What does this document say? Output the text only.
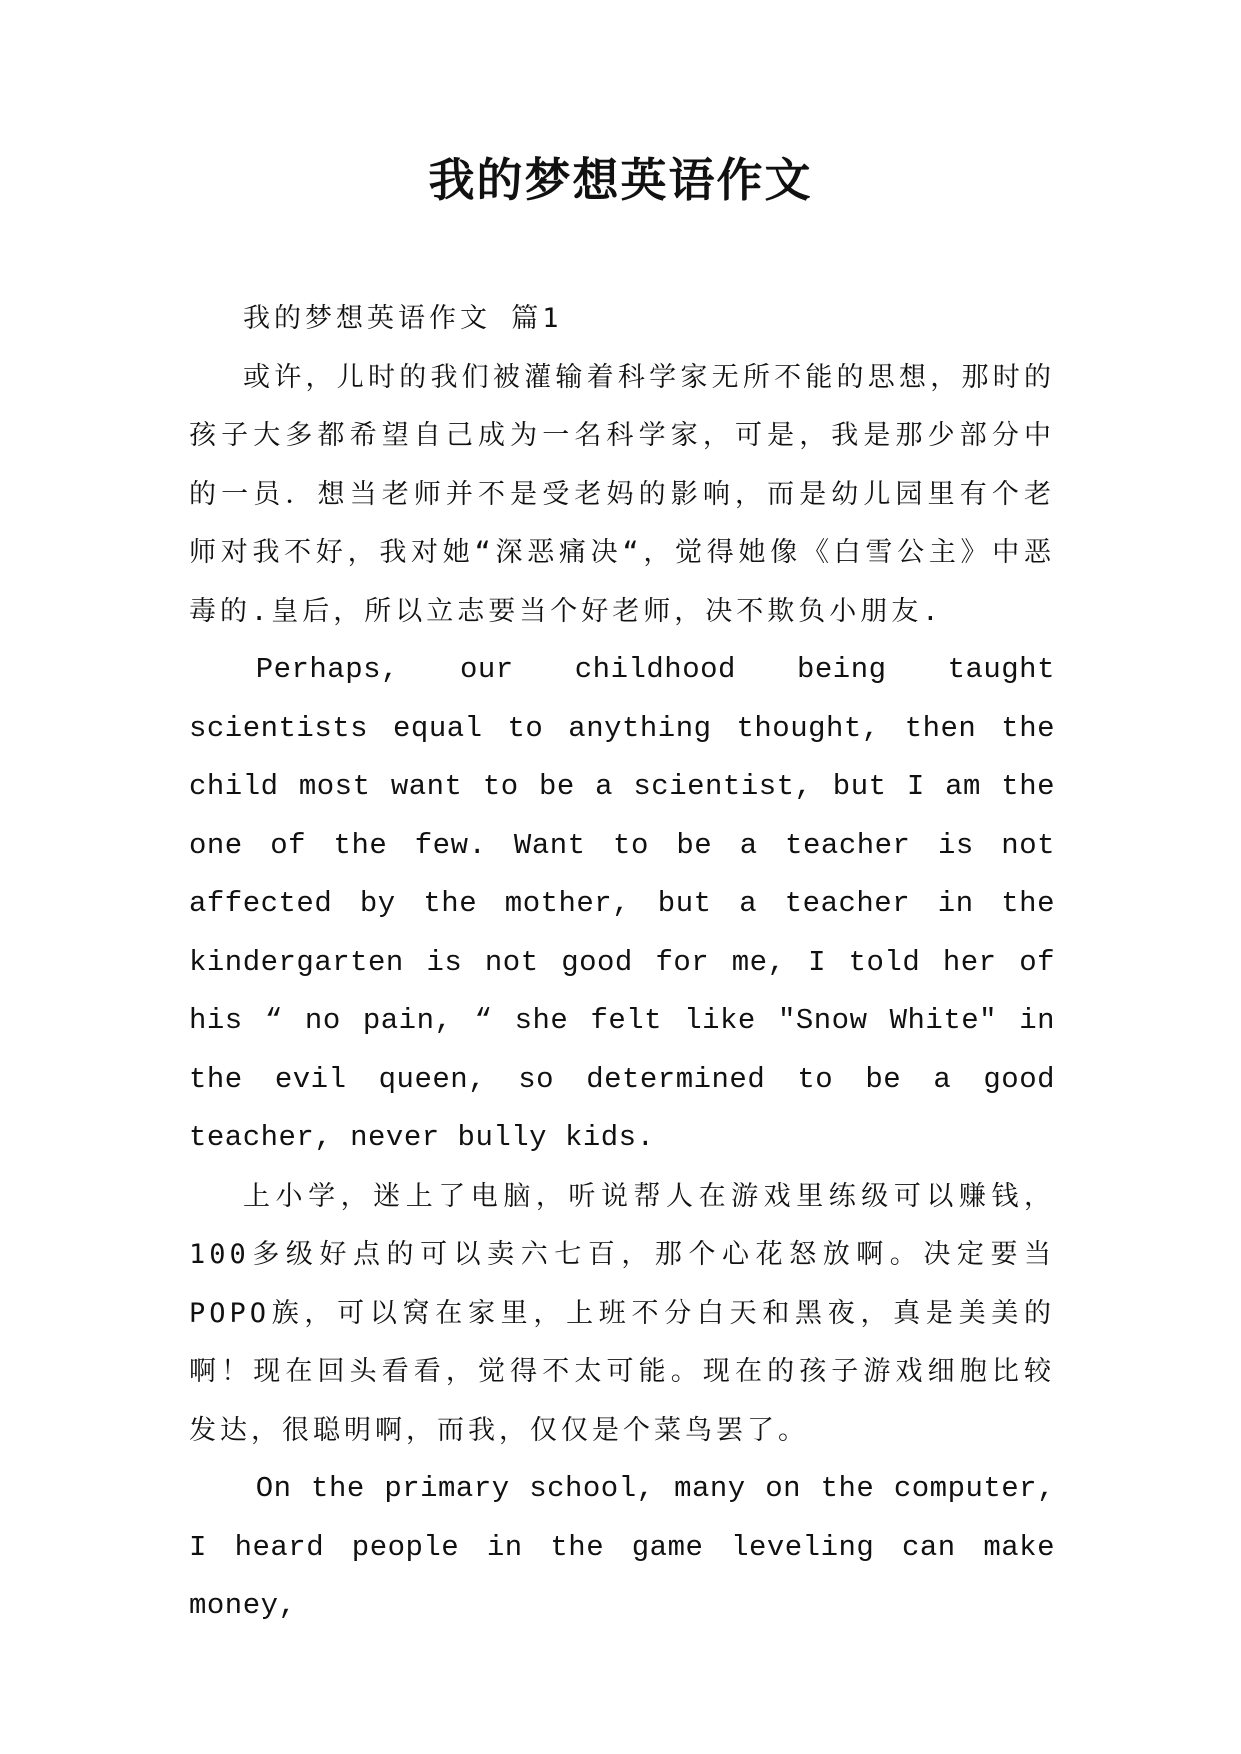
我的梦想英语作文

我的梦想英语作文 篇1

或许，儿时的我们被灌输着科学家无所不能的思想，那时的孩子大多都希望自己成为一名科学家，可是，我是那少部分中的一员．想当老师并不是受老妈的影响，而是幼儿园里有个老师对我不好，我对她“深恶痛决“，觉得她像《白雪公主》中恶毒的.皇后，所以立志要当个好老师，决不欺负小朋友.

Perhaps, our childhood being taught scientists equal to anything thought, then the child most want to be a scientist, but I am the one of the few. Want to be a teacher is not affected by the mother, but a teacher in the kindergarten is not good for me, I told her of his “ no pain, “ she felt like "Snow White" in the evil queen, so determined to be a good teacher, never bully kids.

上小学，迷上了电脑，听说帮人在游戏里练级可以赚钱，100多级好点的可以卖六七百，那个心花怒放啊。决定要当POPO族，可以窝在家里，上班不分白天和黑夜，真是美美的啊！现在回头看看，觉得不太可能。现在的孩子游戏细胞比较发达，很聪明啊，而我，仅仅是个菜鸟罢了。

On the primary school, many on the computer, I heard people in the game leveling can make money,
